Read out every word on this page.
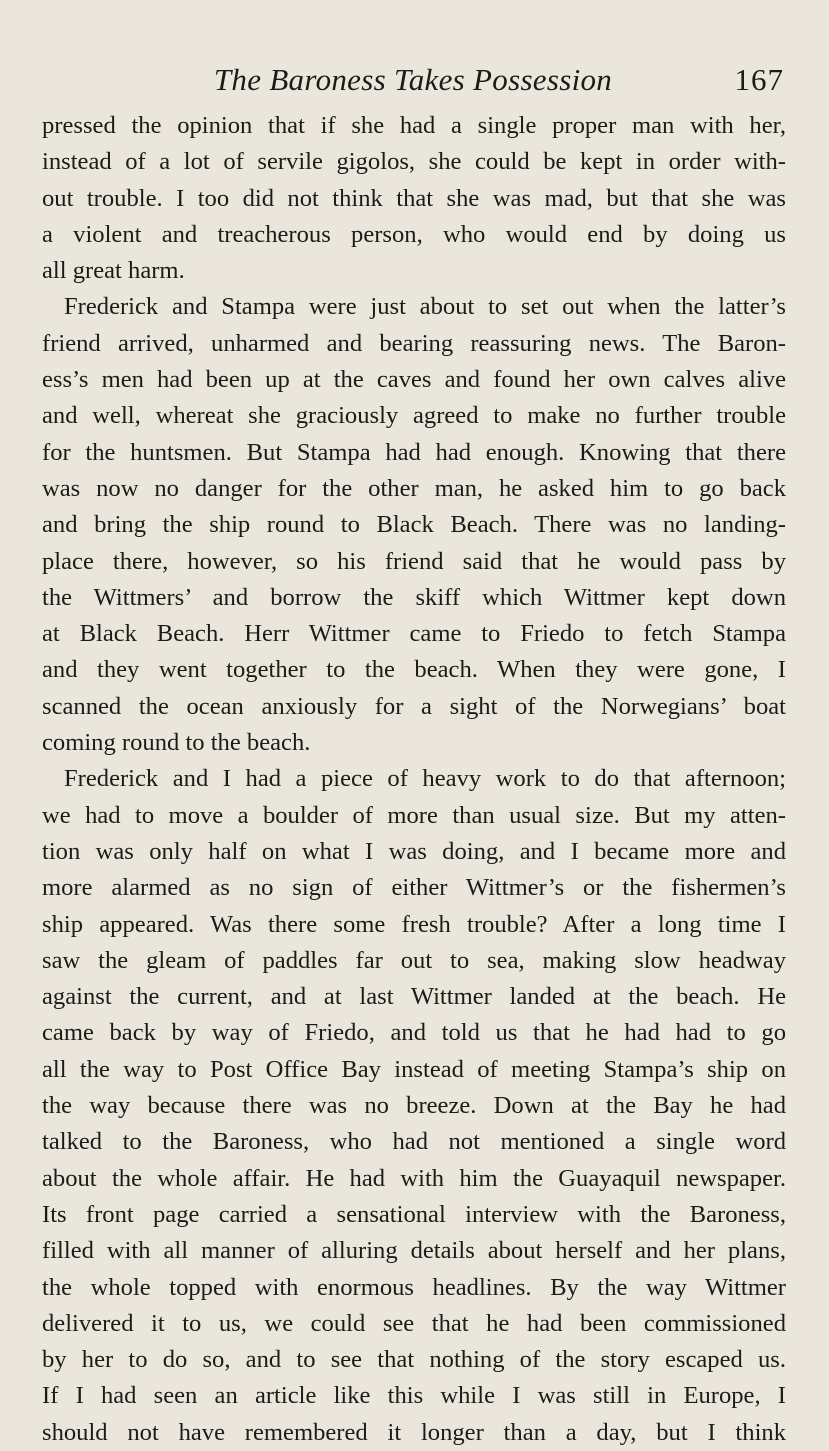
The Baroness Takes Possession	167
pressed the opinion that if she had a single proper man with her,
instead of a lot of servile gigolos, she could be kept in order with-
out trouble. I too did not think that she was mad, but that she was
a violent and treacherous person, who would end by doing us
all great harm.
Frederick and Stampa were just about to set out when the latter’s
friend arrived, unharmed and bearing reassuring news. The Baron-
ess’s men had been up at the caves and found her own calves alive
and well, whereat she graciously agreed to make no further trouble
for the huntsmen. But Stampa had had enough. Knowing that there
was now no danger for the other man, he asked him to go back
and bring the ship round to Black Beach. There was no landing-
place there, however, so his friend said that he would pass by
the Wittmers’ and borrow the skiff which Wittmer kept down
at Black Beach. Herr Wittmer came to Friedo to fetch Stampa
and they went together to the beach. When they were gone, I
scanned the ocean anxiously for a sight of the Norwegians’ boat
coming round to the beach.
Frederick and I had a piece of heavy work to do that afternoon;
we had to move a boulder of more than usual size. But my atten-
tion was only half on what I was doing, and I became more and
more alarmed as no sign of either Wittmer’s or the fishermen’s
ship appeared. Was there some fresh trouble? After a long time I
saw the gleam of paddles far out to sea, making slow headway
against the current, and at last Wittmer landed at the beach. He
came back by way of Friedo, and told us that he had had to go
all the way to Post Office Bay instead of meeting Stampa’s ship on
the way because there was no breeze. Down at the Bay he had
talked to the Baroness, who had not mentioned a single word
about the whole affair. He had with him the Guayaquil newspaper.
Its front page carried a sensational interview with the Baroness,
filled with all manner of alluring details about herself and her plans,
the whole topped with enormous headlines. By the way Wittmer
delivered it to us, we could see that he had been commissioned
by her to do so, and to see that nothing of the story escaped us.
If I had seen an article like this while I was still in Europe, I
should not have remembered it longer than a day, but I think
